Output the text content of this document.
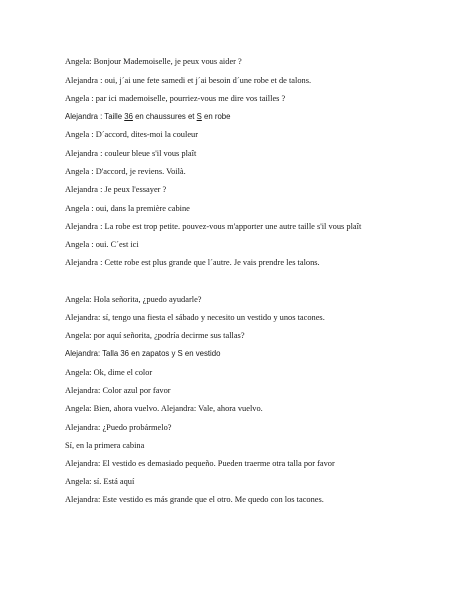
Angela: Bonjour Mademoiselle, je peux vous aider ?
Alejandra : oui, j´ai une fete samedi et j´ai besoin d´une robe et de talons.
Angela : par ici mademoiselle, pourriez-vous me dire vos tailles ?
Alejandra : Taille 36 en chaussures et S en robe
Angela : D´accord, dites-moi la couleur
Alejandra : couleur bleue s'il vous plaît
Angela : D'accord, je reviens. Voilà.
Alejandra : Je peux l'essayer ?
Angela : oui, dans la première cabine
Alejandra : La robe est trop petite. pouvez-vous m'apporter une autre taille s'il vous plaît
Angela : oui. C´est ici
Alejandra : Cette robe est plus grande que l´autre. Je vais prendre les talons.
Angela: Hola señorita, ¿puedo ayudarle?
Alejandra: sí, tengo una fiesta el sábado y necesito un vestido y unos tacones.
Angela: por aquí señorita, ¿podría decirme sus tallas?
Alejandra: Talla 36 en zapatos y S en vestido
Angela: Ok, dime el color
Alejandra: Color azul por favor
Angela: Bien, ahora vuelvo. Alejandra: Vale, ahora vuelvo.
Alejandra: ¿Puedo probármelo?
Sí, en la primera cabina
Alejandra: El vestido es demasiado pequeño. Pueden traerme otra talla por favor
Angela: sí. Está aquí
Alejandra: Este vestido es más grande que el otro. Me quedo con los tacones.
